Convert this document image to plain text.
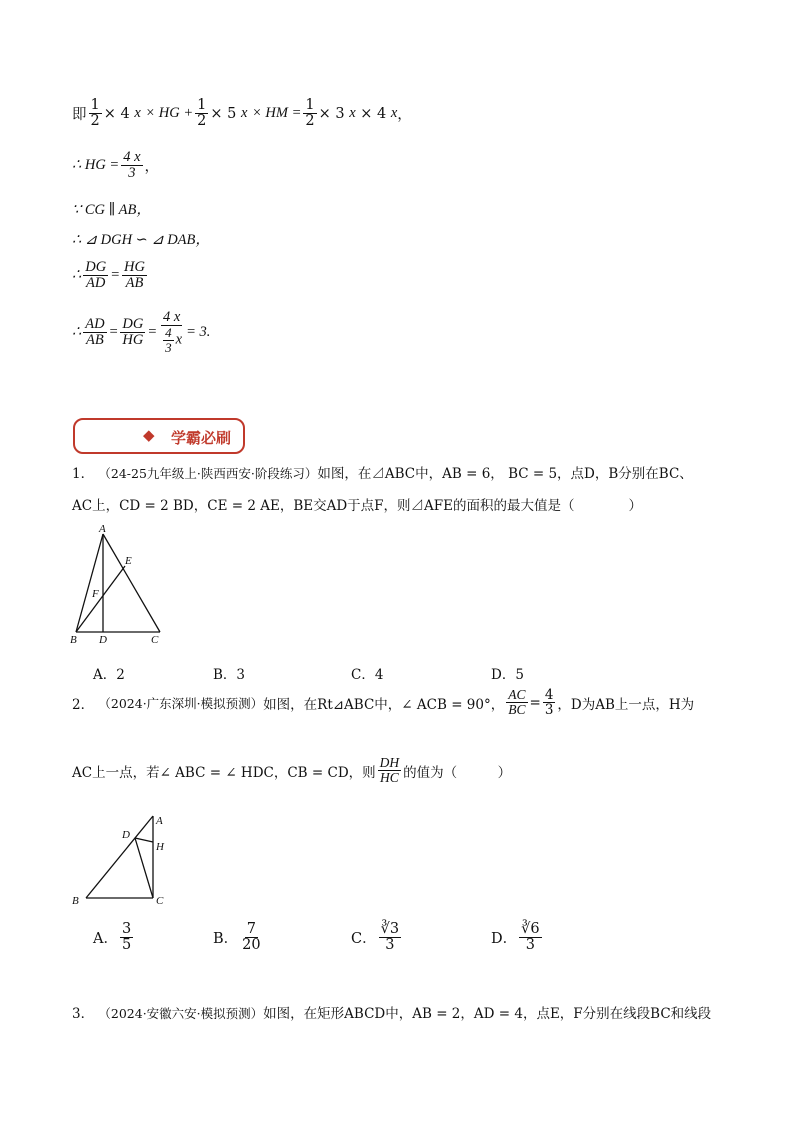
即 $\frac{1}{2} \times 4$
x
× HG + $\frac{1}{2} \times 5$
x
× HM = $\frac{1}{2} \times 3$
x
× 4
x ，
∴ HG = $\frac{4 x}{3}$ ，
∵ CG ∥ AB，
∴ ⊿ DGH ∽ ⊿ DAB，
∴ $\frac{DG}{AD} = \frac{HG}{AB}$
∴ $\frac{AD}{AB} = \frac{DG}{HG} = \frac{4 x}{\frac{4}{3} x} = 3$ .
◆ 学霸必刷
1． （24-25九年级上·陕西西安·阶段练习）如图，在⊿ABC中，AB = 6， BC = 5，点D，B分别在BC、
AC上，CD = 2 BD，CE = 2 AE，BE交AD于点F，则⊿AFE的面积的最大值是（　　　　）
A
B D	C
E
F
A．2	B．3	C．4	D．5
2．
（2024·广东深圳·模拟预测） 如图，在Rt⊿ABC中，∠ ACB = 90°， $\frac{AC}{BC} = \frac{4}{3}$ ，D为AB上一点，H为
AC上一点，若∠ ABC = ∠ HDC，CB = CD，则 $\frac{DH}{HC}$ 的值为（　　　）
A
D
H
B	C
A． $\frac{3}{5}$	B． $\frac{7}{20}$	C． $\frac{∛3}{3}$	D． $\frac{∛6}{3}$
3． （2024·安徽六安·模拟预测）如图，在矩形ABCD中，AB = 2，AD = 4，点E，F分别在线段BC和线段
